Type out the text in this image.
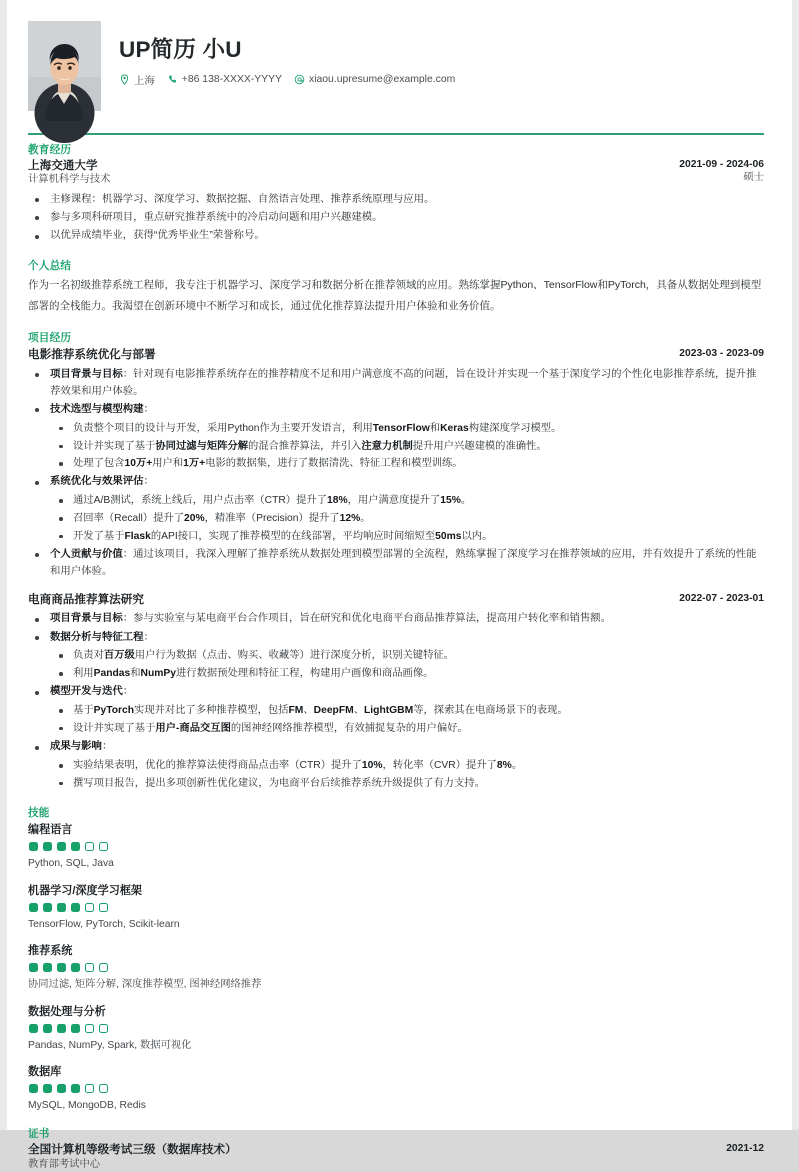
UP简历 小U
上海	+86 138-XXXX-YYYY	xiaou.upresume@example.com
教育经历
上海交通大学
计算机科学与技术
2021-09 - 2024-06
硕士
主修课程：机器学习、深度学习、数据挖掘、自然语言处理、推荐系统原理与应用。
参与多项科研项目，重点研究推荐系统中的冷启动问题和用户兴趣建模。
以优异成绩毕业，获得“优秀毕业生”荣誉称号。
个人总结
作为一名初级推荐系统工程师，我专注于机器学习、深度学习和数据分析在推荐领域的应用。熟练掌握Python、TensorFlow和PyTorch，具备从数据处理到模型部署的全栈能力。我渴望在创新环境中不断学习和成长，通过优化推荐算法提升用户体验和业务价值。
项目经历
电影推荐系统优化与部署	2023-03 - 2023-09
项目背景与目标：针对现有电影推荐系统存在的推荐精度不足和用户满意度不高的问题，旨在设计并实现一个基于深度学习的个性化电影推荐系统，提升推荐效果和用户体验。
技术选型与模型构建：
负责整个项目的设计与开发，采用Python作为主要开发语言，利用TensorFlow和Keras构建深度学习模型。
设计并实现了基于协同过滤与矩阵分解的混合推荐算法，并引入注意力机制提升用户兴趣建模的准确性。
处理了包含10万+用户和1万+电影的数据集，进行了数据清洗、特征工程和模型训练。
系统优化与效果评估：
通过A/B测试，系统上线后，用户点击率（CTR）提升了18%，用户满意度提升了15%。
召回率（Recall）提升了20%，精准率（Precision）提升了12%。
开发了基于Flask的API接口，实现了推荐模型的在线部署，平均响应时间缩短至50ms以内。
个人贡献与价值：通过该项目，我深入理解了推荐系统从数据处理到模型部署的全流程，熟练掌握了深度学习在推荐领域的应用，并有效提升了系统的性能和用户体验。
电商商品推荐算法研究	2022-07 - 2023-01
项目背景与目标：参与实验室与某电商平台合作项目，旨在研究和优化电商平台商品推荐算法，提高用户转化率和销售额。
数据分析与特征工程：
负责对百万级用户行为数据（点击、购买、收藏等）进行深度分析，识别关键特征。
利用Pandas和NumPy进行数据预处理和特征工程，构建用户画像和商品画像。
模型开发与迭代：
基于PyTorch实现并对比了多种推荐模型，包括FM、DeepFM、LightGBM等，探索其在电商场景下的表现。
设计并实现了基于用户-商品交互图的图神经网络推荐模型，有效捕捉复杂的用户偏好。
成果与影响：
实验结果表明，优化的推荐算法使得商品点击率（CTR）提升了10%，转化率（CVR）提升了8%。
撰写项目报告，提出多项创新性优化建议，为电商平台后续推荐系统升级提供了有力支持。
技能
编程语言
Python, SQL, Java
机器学习/深度学习框架
TensorFlow, PyTorch, Scikit-learn
推荐系统
协同过滤, 矩阵分解, 深度推荐模型, 图神经网络推荐
数据处理与分析
Pandas, NumPy, Spark, 数据可视化
数据库
MySQL, MongoDB, Redis
证书
全国计算机等级考试三级（数据库技术）
教育部考试中心
2021-12
